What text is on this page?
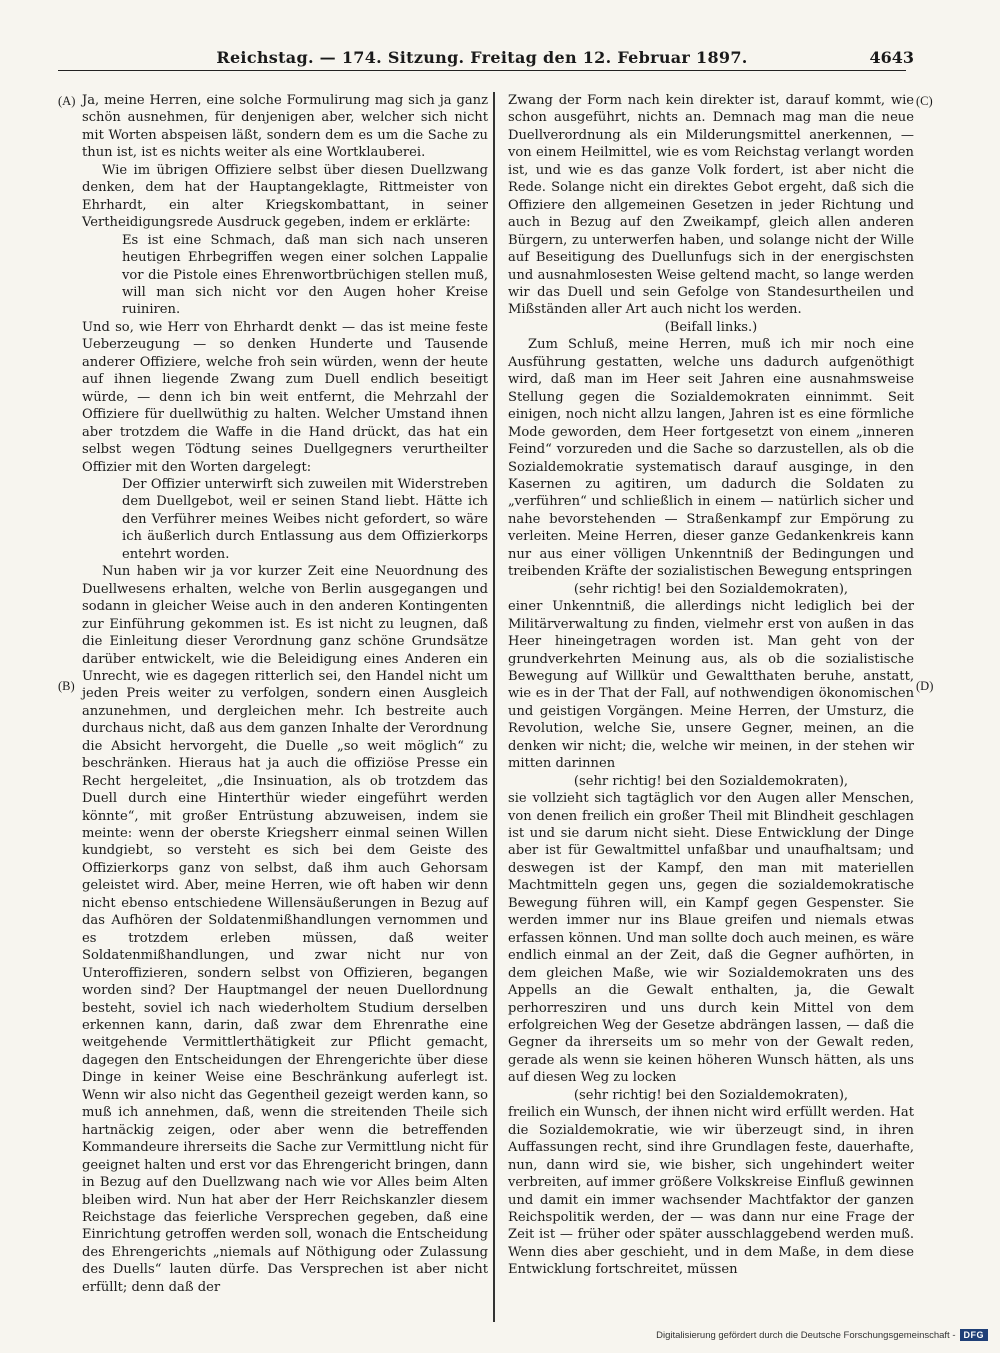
Reichstag. — 174. Sitzung. Freitag den 12. Februar 1897.	4643
(A)
(B)
(C)
(D)

Ja, meine Herren, eine solche Formulirung mag sich ja ganz schön ausnehmen, für denjenigen aber, welcher sich nicht mit Worten abspeisen läßt, sondern dem es um die Sache zu thun ist, ist es nichts weiter als eine Wortklauberei.

Wie im übrigen Offiziere selbst über diesen Duellzwang denken, dem hat der Hauptangeklagte, Rittmeister von Ehrhardt, ein alter Kriegskombattant, in seiner Vertheidigungsrede Ausdruck gegeben, indem er erklärte:

Es ist eine Schmach, daß man sich nach unseren heutigen Ehrbegriffen wegen einer solchen Lappalie vor die Pistole eines Ehrenwortbrüchigen stellen muß, will man sich nicht vor den Augen hoher Kreise ruiniren.

Und so, wie Herr von Ehrhardt denkt — das ist meine feste Ueberzeugung — so denken Hunderte und Tausende anderer Offiziere, welche froh sein würden, wenn der heute auf ihnen liegende Zwang zum Duell endlich beseitigt würde, — denn ich bin weit entfernt, die Mehrzahl der Offiziere für duellwüthig zu halten. Welcher Umstand ihnen aber trotzdem die Waffe in die Hand drückt, das hat ein selbst wegen Tödtung seines Duellgegners verurtheilter Offizier mit den Worten dargelegt:

Der Offizier unterwirft sich zuweilen mit Widerstreben dem Duellgebot, weil er seinen Stand liebt. Hätte ich den Verführer meines Weibes nicht gefordert, so wäre ich äußerlich durch Entlassung aus dem Offizierkorps entehrt worden.

Nun haben wir ja vor kurzer Zeit eine Neuordnung des Duellwesens erhalten, welche von Berlin ausgegangen und sodann in gleicher Weise auch in den anderen Kontingenten zur Einführung gekommen ist. Es ist nicht zu leugnen, daß die Einleitung dieser Verordnung ganz schöne Grundsätze darüber entwickelt, wie die Beleidigung eines Anderen ein Unrecht, wie es dagegen ritterlich sei, den Handel nicht um jeden Preis weiter zu verfolgen, sondern einen Ausgleich anzunehmen, und dergleichen mehr. Ich bestreite auch durchaus nicht, daß aus dem ganzen Inhalte der Verordnung die Absicht hervorgeht, die Duelle „so weit möglich“ zu beschränken. Hieraus hat ja auch die offiziöse Presse ein Recht hergeleitet, „die Insinuation, als ob trotzdem das Duell durch eine Hinterthür wieder eingeführt werden könnte“, mit großer Entrüstung abzuweisen, indem sie meinte: wenn der oberste Kriegsherr einmal seinen Willen kundgiebt, so versteht es sich bei dem Geiste des Offizierkorps ganz von selbst, daß ihm auch Gehorsam geleistet wird. Aber, meine Herren, wie oft haben wir denn nicht ebenso entschiedene Willensäußerungen in Bezug auf das Aufhören der Soldatenmißhandlungen vernommen und es trotzdem erleben müssen, daß weiter Soldatenmißhandlungen, und zwar nicht nur von Unteroffizieren, sondern selbst von Offizieren, begangen worden sind? Der Hauptmangel der neuen Duellordnung besteht, soviel ich nach wiederholtem Studium derselben erkennen kann, darin, daß zwar dem Ehrenrathe eine weitgehende Vermittlerthätigkeit zur Pflicht gemacht, dagegen den Entscheidungen der Ehrengerichte über diese Dinge in keiner Weise eine Beschränkung auferlegt ist. Wenn wir also nicht das Gegentheil gezeigt werden kann, so muß ich annehmen, daß, wenn die streitenden Theile sich hartnäckig zeigen, oder aber wenn die betreffenden Kommandeure ihrerseits die Sache zur Vermittlung nicht für geeignet halten und erst vor das Ehrengericht bringen, dann in Bezug auf den Duellzwang nach wie vor Alles beim Alten bleiben wird. Nun hat aber der Herr Reichskanzler diesem Reichstage das feierliche Versprechen gegeben, daß eine Einrichtung getroffen werden soll, wonach die Entscheidung des Ehrengerichts „niemals auf Nöthigung oder Zulassung des Duells“ lauten dürfe. Das Versprechen ist aber nicht erfüllt; denn daß der

Zwang der Form nach kein direkter ist, darauf kommt, wie schon ausgeführt, nichts an. Demnach mag man die neue Duellverordnung als ein Milderungsmittel anerkennen, — von einem Heilmittel, wie es vom Reichstag verlangt worden ist, und wie es das ganze Volk fordert, ist aber nicht die Rede. Solange nicht ein direktes Gebot ergeht, daß sich die Offiziere den allgemeinen Gesetzen in jeder Richtung und auch in Bezug auf den Zweikampf, gleich allen anderen Bürgern, zu unterwerfen haben, und solange nicht der Wille auf Beseitigung des Duellunfugs sich in der energischsten und ausnahmlosesten Weise geltend macht, so lange werden wir das Duell und sein Gefolge von Standesurtheilen und Mißständen aller Art auch nicht los werden.

(Beifall links.)

Zum Schluß, meine Herren, muß ich mir noch eine Ausführung gestatten, welche uns dadurch aufgenöthigt wird, daß man im Heer seit Jahren eine ausnahmsweise Stellung gegen die Sozialdemokraten einnimmt. Seit einigen, noch nicht allzu langen, Jahren ist es eine förmliche Mode geworden, dem Heer fortgesetzt von einem „inneren Feind“ vorzureden und die Sache so darzustellen, als ob die Sozialdemokratie systematisch darauf ausginge, in den Kasernen zu agitiren, um dadurch die Soldaten zu „verführen“ und schließlich in einem — natürlich sicher und nahe bevorstehenden — Straßenkampf zur Empörung zu verleiten. Meine Herren, dieser ganze Gedankenkreis kann nur aus einer völligen Unkenntniß der Bedingungen und treibenden Kräfte der sozialistischen Bewegung entspringen

(sehr richtig! bei den Sozialdemokraten),

einer Unkenntniß, die allerdings nicht lediglich bei der Militärverwaltung zu finden, vielmehr erst von außen in das Heer hineingetragen worden ist. Man geht von der grundverkehrten Meinung aus, als ob die sozialistische Bewegung auf Willkür und Gewaltthaten beruhe, anstatt, wie es in der That der Fall, auf nothwendigen ökonomischen und geistigen Vorgängen. Meine Herren, der Umsturz, die Revolution, welche Sie, unsere Gegner, meinen, an die denken wir nicht; die, welche wir meinen, in der stehen wir mitten darinnen

(sehr richtig! bei den Sozialdemokraten),

sie vollzieht sich tagtäglich vor den Augen aller Menschen, von denen freilich ein großer Theil mit Blindheit geschlagen ist und sie darum nicht sieht. Diese Entwicklung der Dinge aber ist für Gewaltmittel unfaßbar und unaufhaltsam; und deswegen ist der Kampf, den man mit materiellen Machtmitteln gegen uns, gegen die sozialdemokratische Bewegung führen will, ein Kampf gegen Gespenster. Sie werden immer nur ins Blaue greifen und niemals etwas erfassen können. Und man sollte doch auch meinen, es wäre endlich einmal an der Zeit, daß die Gegner aufhörten, in dem gleichen Maße, wie wir Sozialdemokraten uns des Appells an die Gewalt enthalten, ja, die Gewalt perhorresziren und uns durch kein Mittel von dem erfolgreichen Weg der Gesetze abdrängen lassen, — daß die Gegner da ihrerseits um so mehr von der Gewalt reden, gerade als wenn sie keinen höheren Wunsch hätten, als uns auf diesen Weg zu locken

(sehr richtig! bei den Sozialdemokraten),

freilich ein Wunsch, der ihnen nicht wird erfüllt werden. Hat die Sozialdemokratie, wie wir überzeugt sind, in ihren Auffassungen recht, sind ihre Grundlagen feste, dauerhafte, nun, dann wird sie, wie bisher, sich ungehindert weiter verbreiten, auf immer größere Volkskreise Einfluß gewinnen und damit ein immer wachsender Machtfaktor der ganzen Reichspolitik werden, der — was dann nur eine Frage der Zeit ist — früher oder später ausschlaggebend werden muß. Wenn dies aber geschieht, und in dem Maße, in dem diese Entwicklung fortschreitet, müssen

Digitalisierung gefördert durch die Deutsche Forschungsgemeinschaft - DFG
